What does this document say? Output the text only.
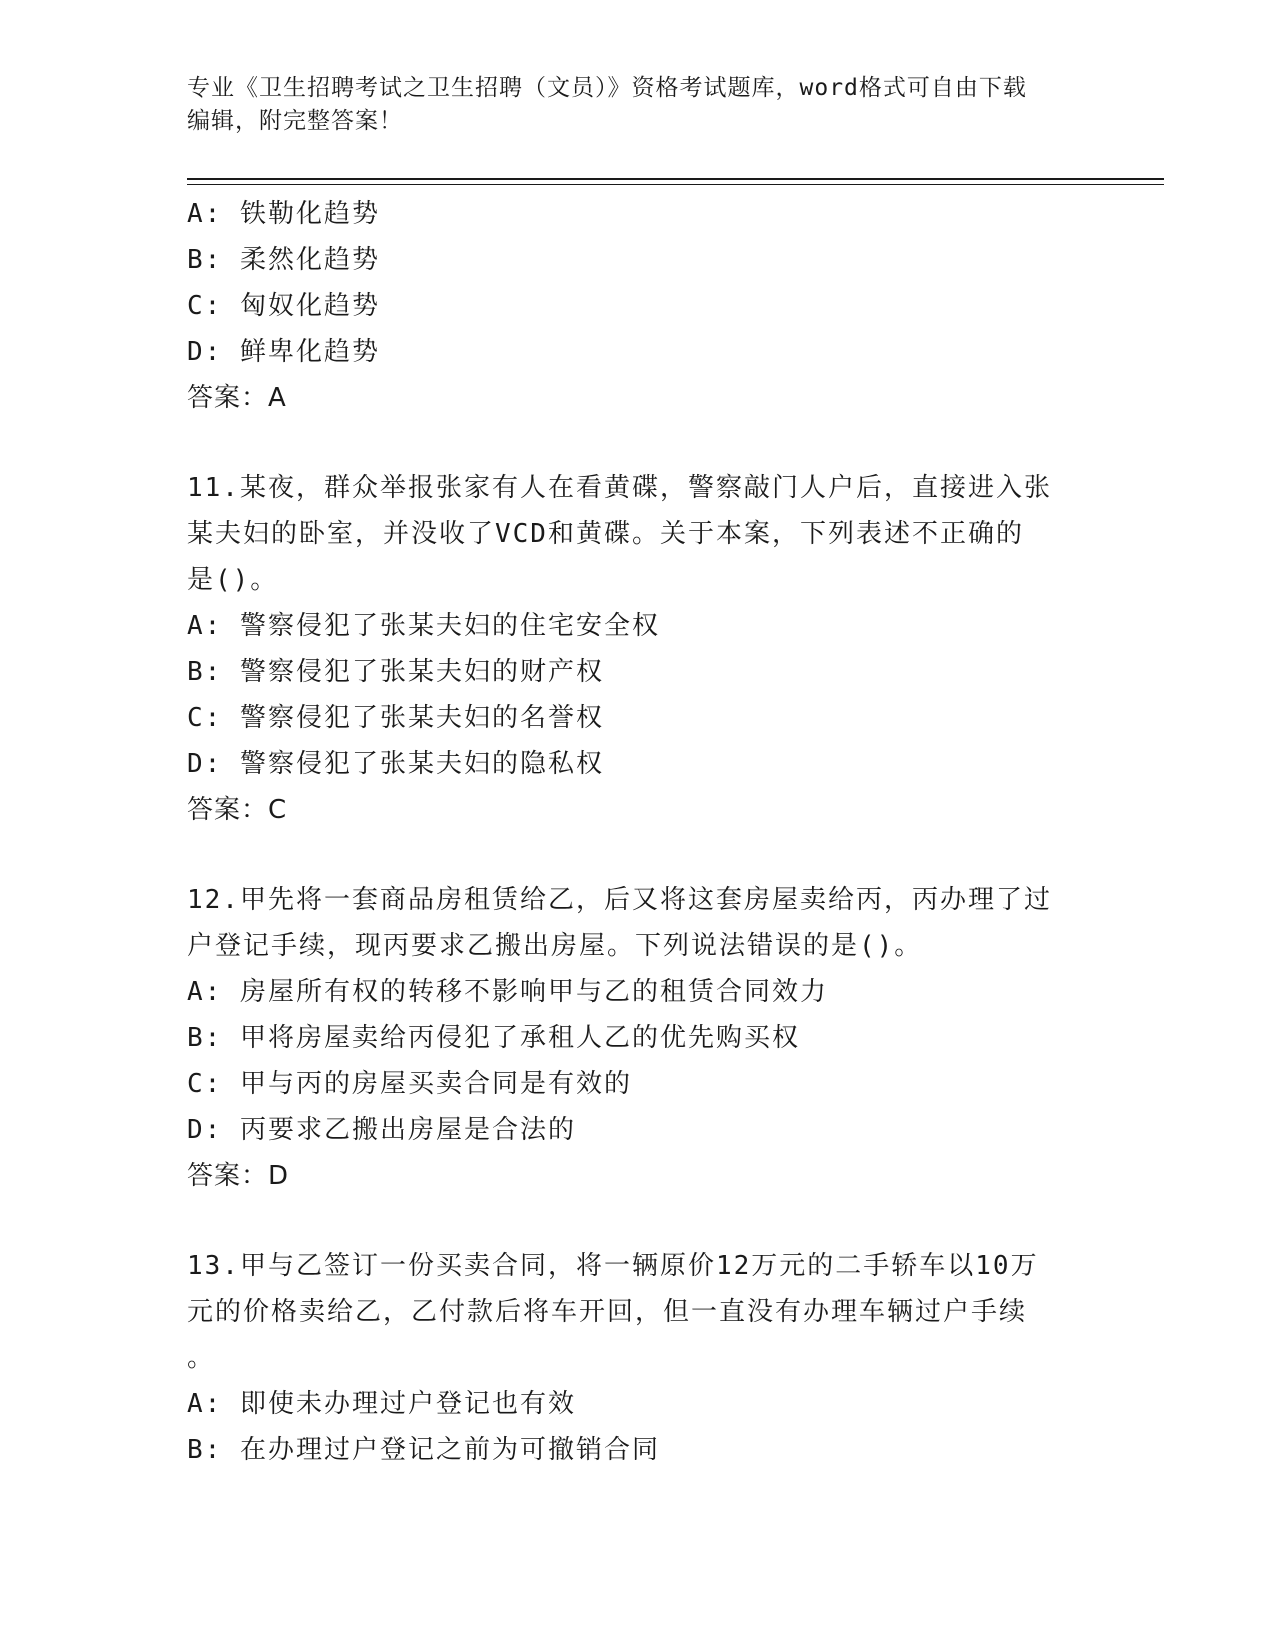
专业《卫生招聘考试之卫生招聘（文员）》资格考试题库，word格式可自由下载
编辑，附完整答案！
A: 铁勒化趋势
B: 柔然化趋势
C: 匈奴化趋势
D: 鲜卑化趋势
答案：A
11.某夜，群众举报张家有人在看黄碟，警察敲门人户后，直接进入张
某夫妇的卧室，并没收了VCD和黄碟。关于本案，下列表述不正确的
是()。
A: 警察侵犯了张某夫妇的住宅安全权
B: 警察侵犯了张某夫妇的财产权
C: 警察侵犯了张某夫妇的名誉权
D: 警察侵犯了张某夫妇的隐私权
答案：C
12.甲先将一套商品房租赁给乙，后又将这套房屋卖给丙，丙办理了过
户登记手续，现丙要求乙搬出房屋。下列说法错误的是()。
A: 房屋所有权的转移不影响甲与乙的租赁合同效力
B: 甲将房屋卖给丙侵犯了承租人乙的优先购买权
C: 甲与丙的房屋买卖合同是有效的
D: 丙要求乙搬出房屋是合法的
答案：D
13.甲与乙签订一份买卖合同，将一辆原价12万元的二手轿车以10万
元的价格卖给乙，乙付款后将车开回，但一直没有办理车辆过户手续
。
A: 即使未办理过户登记也有效
B: 在办理过户登记之前为可撤销合同
